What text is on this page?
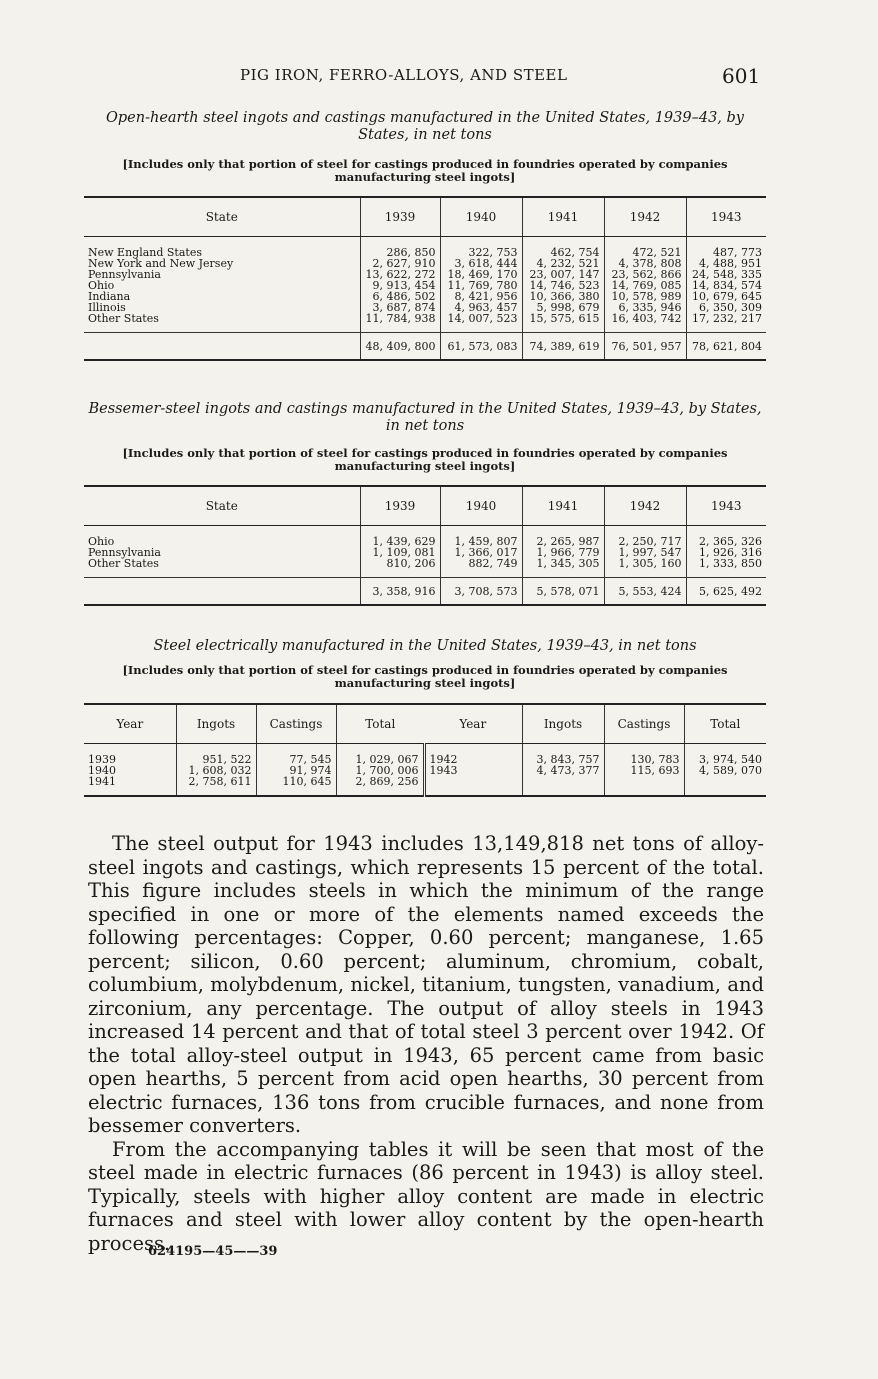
PIG IRON, FERRO-ALLOYS, AND STEEL	601
Open-hearth steel ingots and castings manufactured in the United States, 1939–43, by States, in net tons
[Includes only that portion of steel for castings produced in foundries operated by companies manufacturing steel ingots]
State	1939	1940	1941	1942	1943
New England States	286, 850	322, 753	462, 754	472, 521	487, 773
New York and New Jersey	2, 627, 910	3, 618, 444	4, 232, 521	4, 378, 808	4, 488, 951
Pennsylvania	13, 622, 272	18, 469, 170	23, 007, 147	23, 562, 866	24, 548, 335
Ohio	9, 913, 454	11, 769, 780	14, 746, 523	14, 769, 085	14, 834, 574
Indiana	6, 486, 502	8, 421, 956	10, 366, 380	10, 578, 989	10, 679, 645
Illinois	3, 687, 874	4, 963, 457	5, 998, 679	6, 335, 946	6, 350, 309
Other States	11, 784, 938	14, 007, 523	15, 575, 615	16, 403, 742	17, 232, 217
	48, 409, 800	61, 573, 083	74, 389, 619	76, 501, 957	78, 621, 804
Bessemer-steel ingots and castings manufactured in the United States, 1939–43, by States, in net tons
[Includes only that portion of steel for castings produced in foundries operated by companies manufacturing steel ingots]
State	1939	1940	1941	1942	1943
Ohio	1, 439, 629	1, 459, 807	2, 265, 987	2, 250, 717	2, 365, 326
Pennsylvania	1, 109, 081	1, 366, 017	1, 966, 779	1, 997, 547	1, 926, 316
Other States	810, 206	882, 749	1, 345, 305	1, 305, 160	1, 333, 850
	3, 358, 916	3, 708, 573	5, 578, 071	5, 553, 424	5, 625, 492
Steel electrically manufactured in the United States, 1939–43, in net tons
[Includes only that portion of steel for castings produced in foundries operated by companies manufacturing steel ingots]
Year	Ingots	Castings	Total	Year	Ingots	Castings	Total
1939	951, 522	77, 545	1, 029, 067	1942	3, 843, 757	130, 783	3, 974, 540
1940	1, 608, 032	91, 974	1, 700, 006	1943	4, 473, 377	115, 693	4, 589, 070
1941	2, 758, 611	110, 645	2, 869, 256				

The steel output for 1943 includes 13,149,818 net tons of alloy-steel ingots and castings, which represents 15 percent of the total. This figure includes steels in which the minimum of the range specified in one or more of the elements named exceeds the following percentages: Copper, 0.60 percent; manganese, 1.65 percent; silicon, 0.60 percent; aluminum, chromium, cobalt, columbium, molybdenum, nickel, titanium, tungsten, vanadium, and zirconium, any percentage. The output of alloy steels in 1943 increased 14 percent and that of total steel 3 percent over 1942. Of the total alloy-steel output in 1943, 65 percent came from basic open hearths, 5 percent from acid open hearths, 30 percent from electric furnaces, 136 tons from crucible furnaces, and none from bessemer converters.

From the accompanying tables it will be seen that most of the steel made in electric furnaces (86 percent in 1943) is alloy steel. Typically, steels with higher alloy content are made in electric furnaces and steel with lower alloy content by the open-hearth process.

624195—45——39
